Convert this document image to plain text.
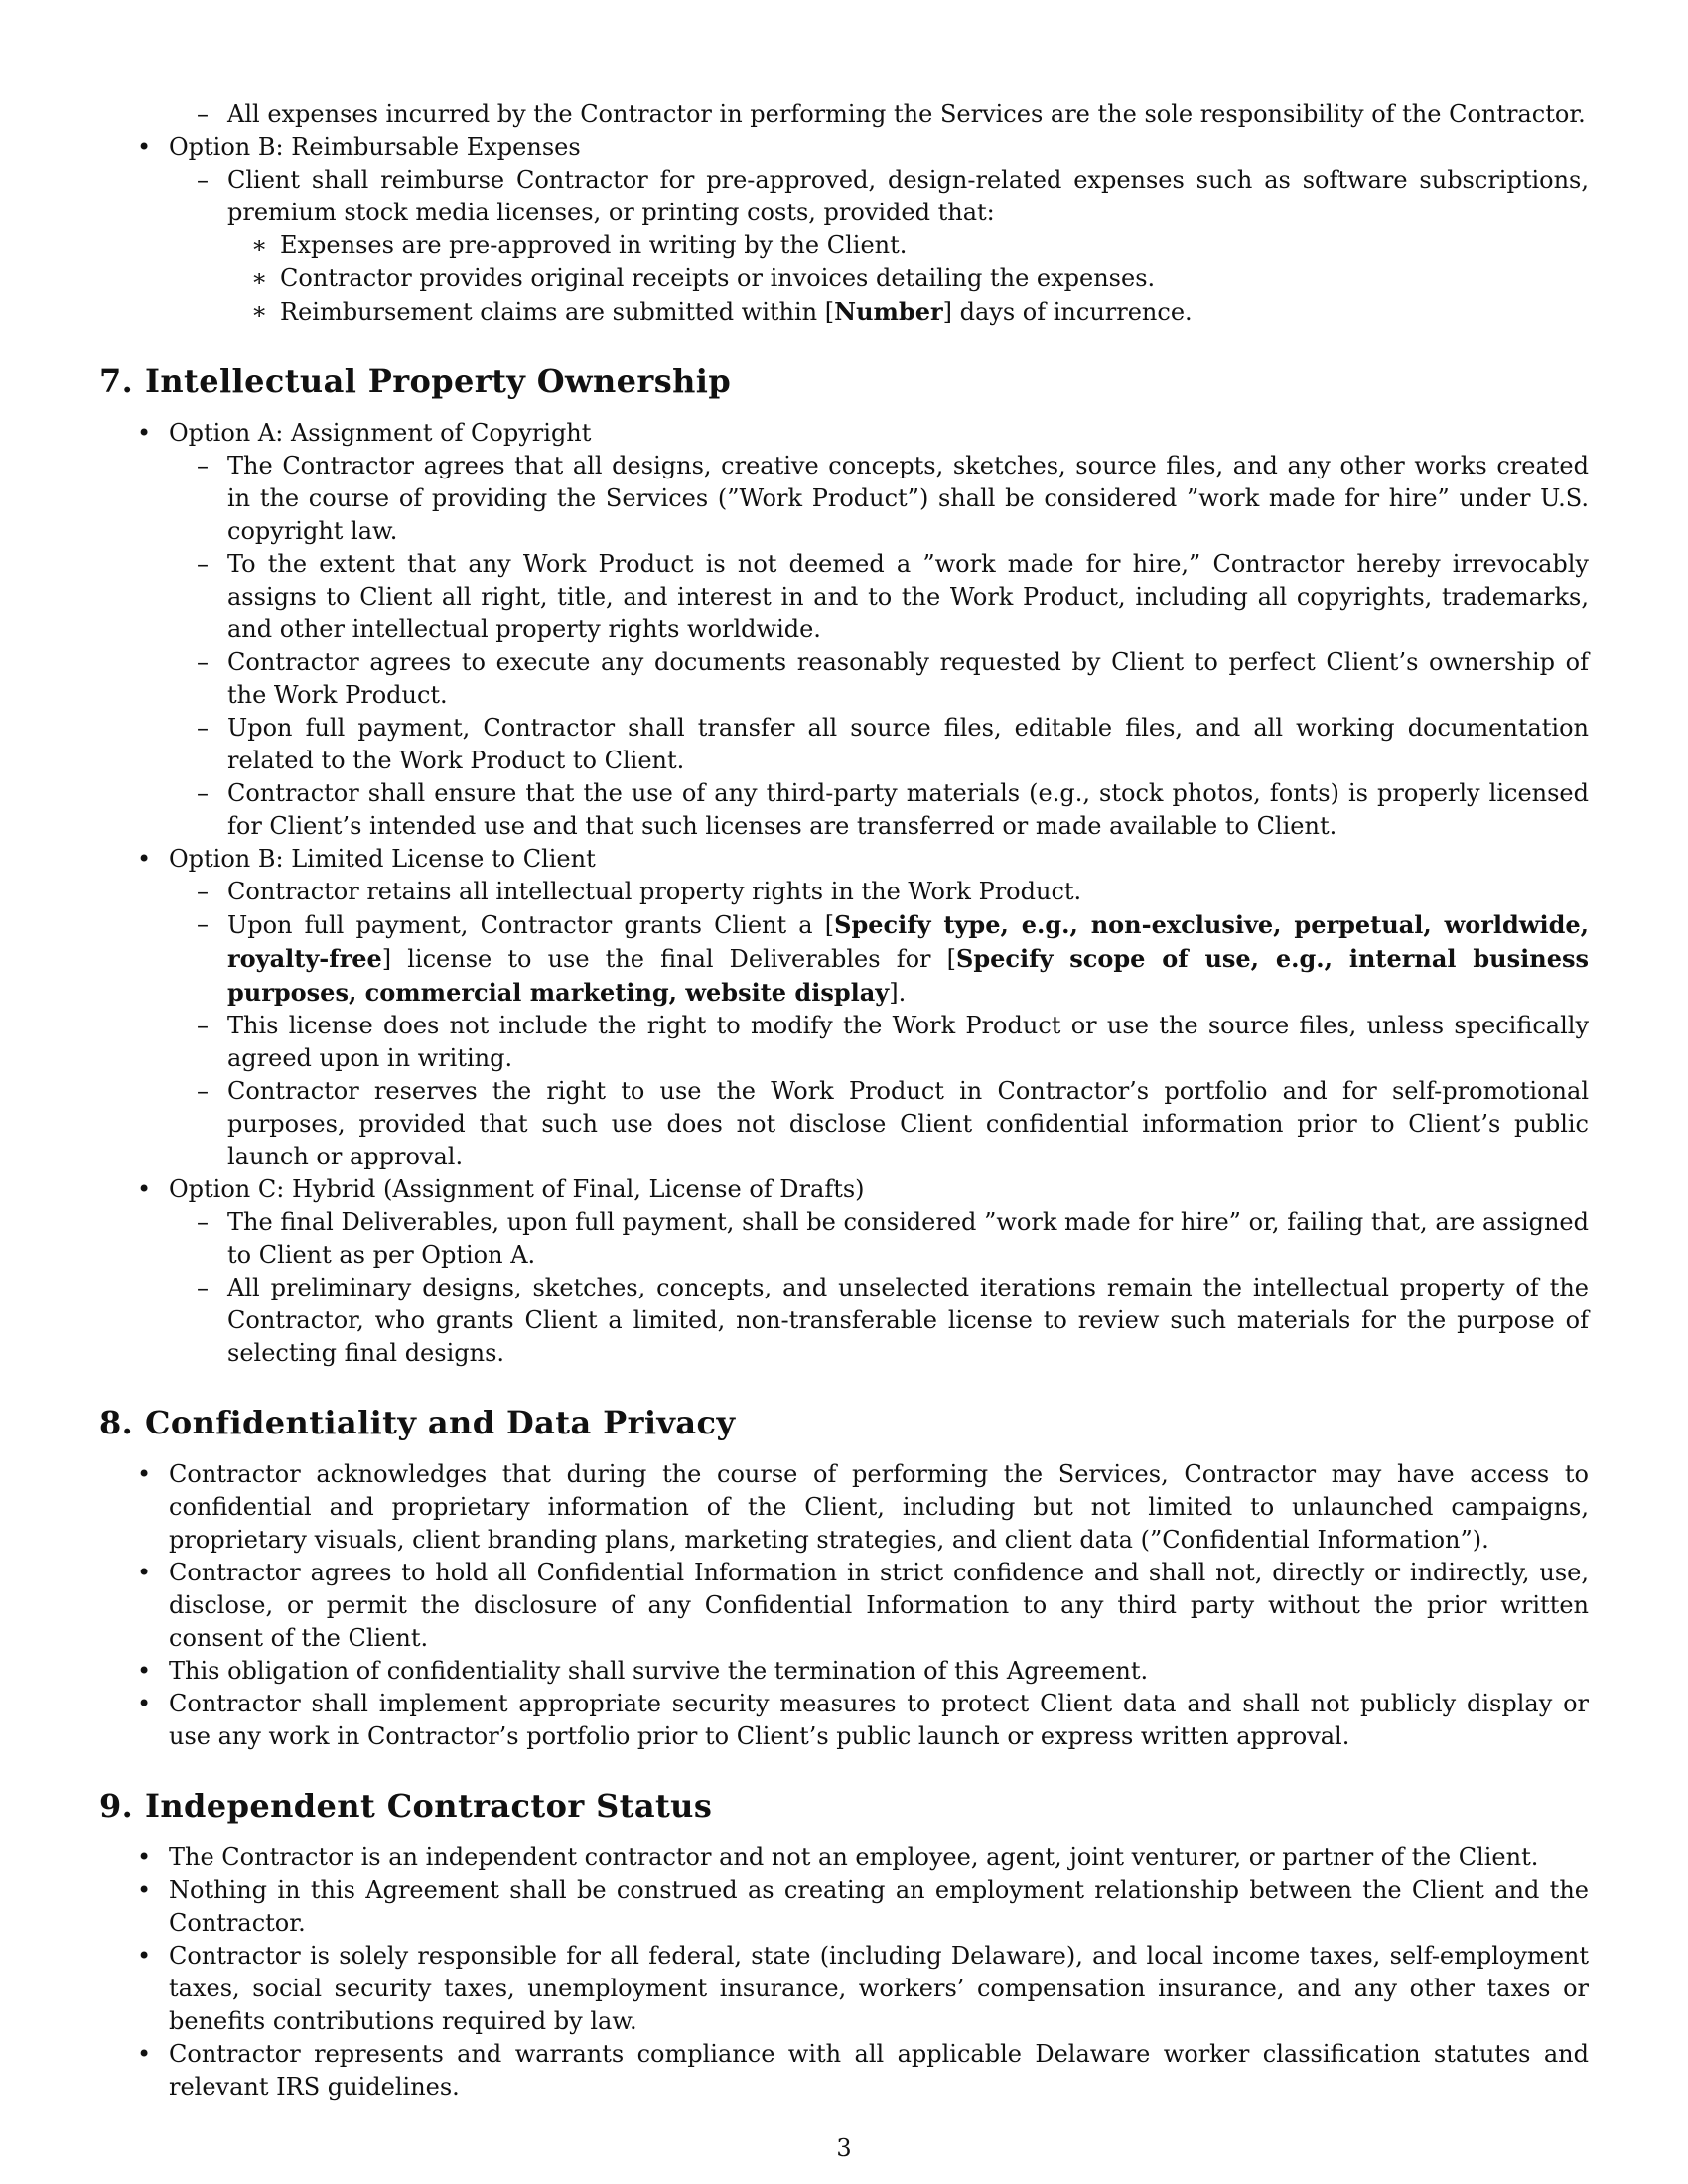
– All expenses incurred by the Contractor in performing the Services are the sole responsibility of the Contractor.
• Option B: Reimbursable Expenses
– Client shall reimburse Contractor for pre-approved, design-related expenses such as software subscriptions, premium stock media licenses, or printing costs, provided that:
∗ Expenses are pre-approved in writing by the Client.
∗ Contractor provides original receipts or invoices detailing the expenses.
∗ Reimbursement claims are submitted within [Number] days of incurrence.
7. Intellectual Property Ownership
• Option A: Assignment of Copyright
– The Contractor agrees that all designs, creative concepts, sketches, source files, and any other works created in the course of providing the Services (”Work Product”) shall be considered ”work made for hire” under U.S. copyright law.
– To the extent that any Work Product is not deemed a ”work made for hire,” Contractor hereby irrevocably assigns to Client all right, title, and interest in and to the Work Product, including all copyrights, trademarks, and other intellectual property rights worldwide.
– Contractor agrees to execute any documents reasonably requested by Client to perfect Client’s ownership of the Work Product.
– Upon full payment, Contractor shall transfer all source files, editable files, and all working documentation related to the Work Product to Client.
– Contractor shall ensure that the use of any third-party materials (e.g., stock photos, fonts) is properly licensed for Client’s intended use and that such licenses are transferred or made available to Client.
• Option B: Limited License to Client
– Contractor retains all intellectual property rights in the Work Product.
– Upon full payment, Contractor grants Client a [Specify type, e.g., non-exclusive, perpetual, worldwide, royalty-free] license to use the final Deliverables for [Specify scope of use, e.g., internal business purposes, commercial marketing, website display].
– This license does not include the right to modify the Work Product or use the source files, unless specifically agreed upon in writing.
– Contractor reserves the right to use the Work Product in Contractor’s portfolio and for self-promotional purposes, provided that such use does not disclose Client confidential information prior to Client’s public launch or approval.
• Option C: Hybrid (Assignment of Final, License of Drafts)
– The final Deliverables, upon full payment, shall be considered ”work made for hire” or, failing that, are assigned to Client as per Option A.
– All preliminary designs, sketches, concepts, and unselected iterations remain the intellectual property of the Contractor, who grants Client a limited, non-transferable license to review such materials for the purpose of selecting final designs.
8. Confidentiality and Data Privacy
• Contractor acknowledges that during the course of performing the Services, Contractor may have access to confidential and proprietary information of the Client, including but not limited to unlaunched campaigns, proprietary visuals, client branding plans, marketing strategies, and client data (”Confidential Information”).
• Contractor agrees to hold all Confidential Information in strict confidence and shall not, directly or indirectly, use, disclose, or permit the disclosure of any Confidential Information to any third party without the prior written consent of the Client.
• This obligation of confidentiality shall survive the termination of this Agreement.
• Contractor shall implement appropriate security measures to protect Client data and shall not publicly display or use any work in Contractor’s portfolio prior to Client’s public launch or express written approval.
9. Independent Contractor Status
• The Contractor is an independent contractor and not an employee, agent, joint venturer, or partner of the Client.
• Nothing in this Agreement shall be construed as creating an employment relationship between the Client and the Contractor.
• Contractor is solely responsible for all federal, state (including Delaware), and local income taxes, self-employment taxes, social security taxes, unemployment insurance, workers’ compensation insurance, and any other taxes or benefits contributions required by law.
• Contractor represents and warrants compliance with all applicable Delaware worker classification statutes and relevant IRS guidelines.
3
